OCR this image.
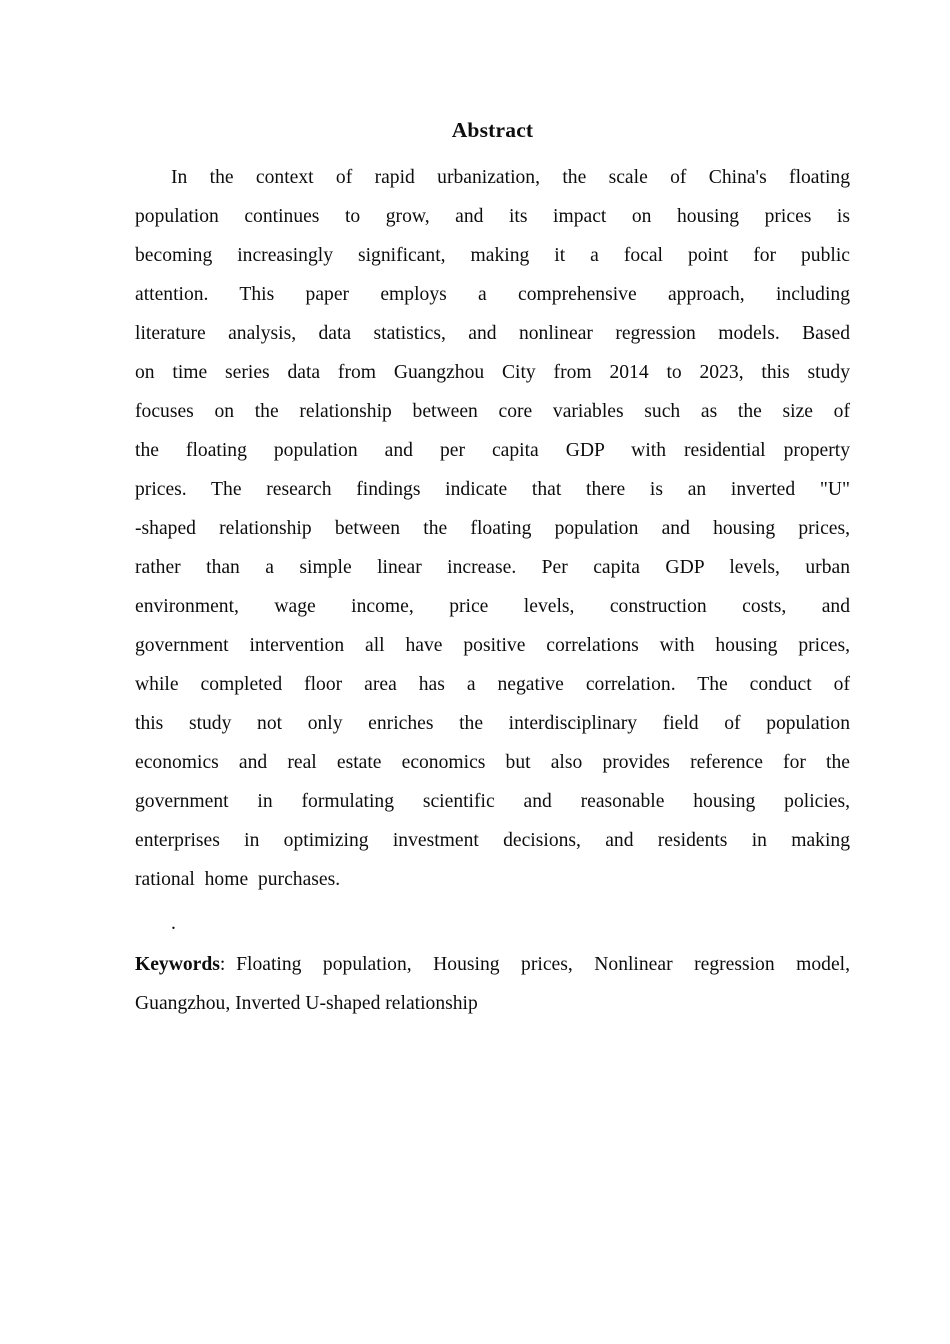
Abstract
In  the  context  of  rapid  urbanization,  the  scale  of  China's  floating
population   continues   to   grow,   and   its   impact   on   housing   prices   is
becoming   increasingly   significant,   making   it   a   focal   point   for   public
attention.    This    paper    employs    a    comprehensive    approach,    including
literature  analysis,  data  statistics,  and  nonlinear  regression  models.  Based
on  time  series  data  from  Guangzhou  City  from  2014  to  2023,  this  study
focuses  on  the  relationship  between  core  variables  such  as  the  size  of
the   floating   population   and   per   capita   GDP   with  residential  property
prices.   The   research   findings   indicate   that   there   is   an   inverted   "U"
-shaped  relationship  between  the  floating  population  and  housing  prices,
rather   than   a   simple   linear   increase.   Per   capita   GDP   levels,   urban
environment,     wage     income,     price     levels,     construction     costs,     and
government  intervention  all  have  positive  correlations  with  housing  prices,
while  completed  floor  area  has  a  negative  correlation.  The  conduct  of
this   study   not   only   enriches   the   interdisciplinary   field   of   population
economics  and  real  estate  economics  but  also  provides  reference  for  the
government    in    formulating    scientific    and    reasonable    housing    policies,
enterprises  in  optimizing  investment  decisions,  and  residents  in  making
rational  home  purchases.
.
Keywords: Floating  population,  Housing  prices,  Nonlinear  regression  model,
Guangzhou, Inverted U-shaped relationship
